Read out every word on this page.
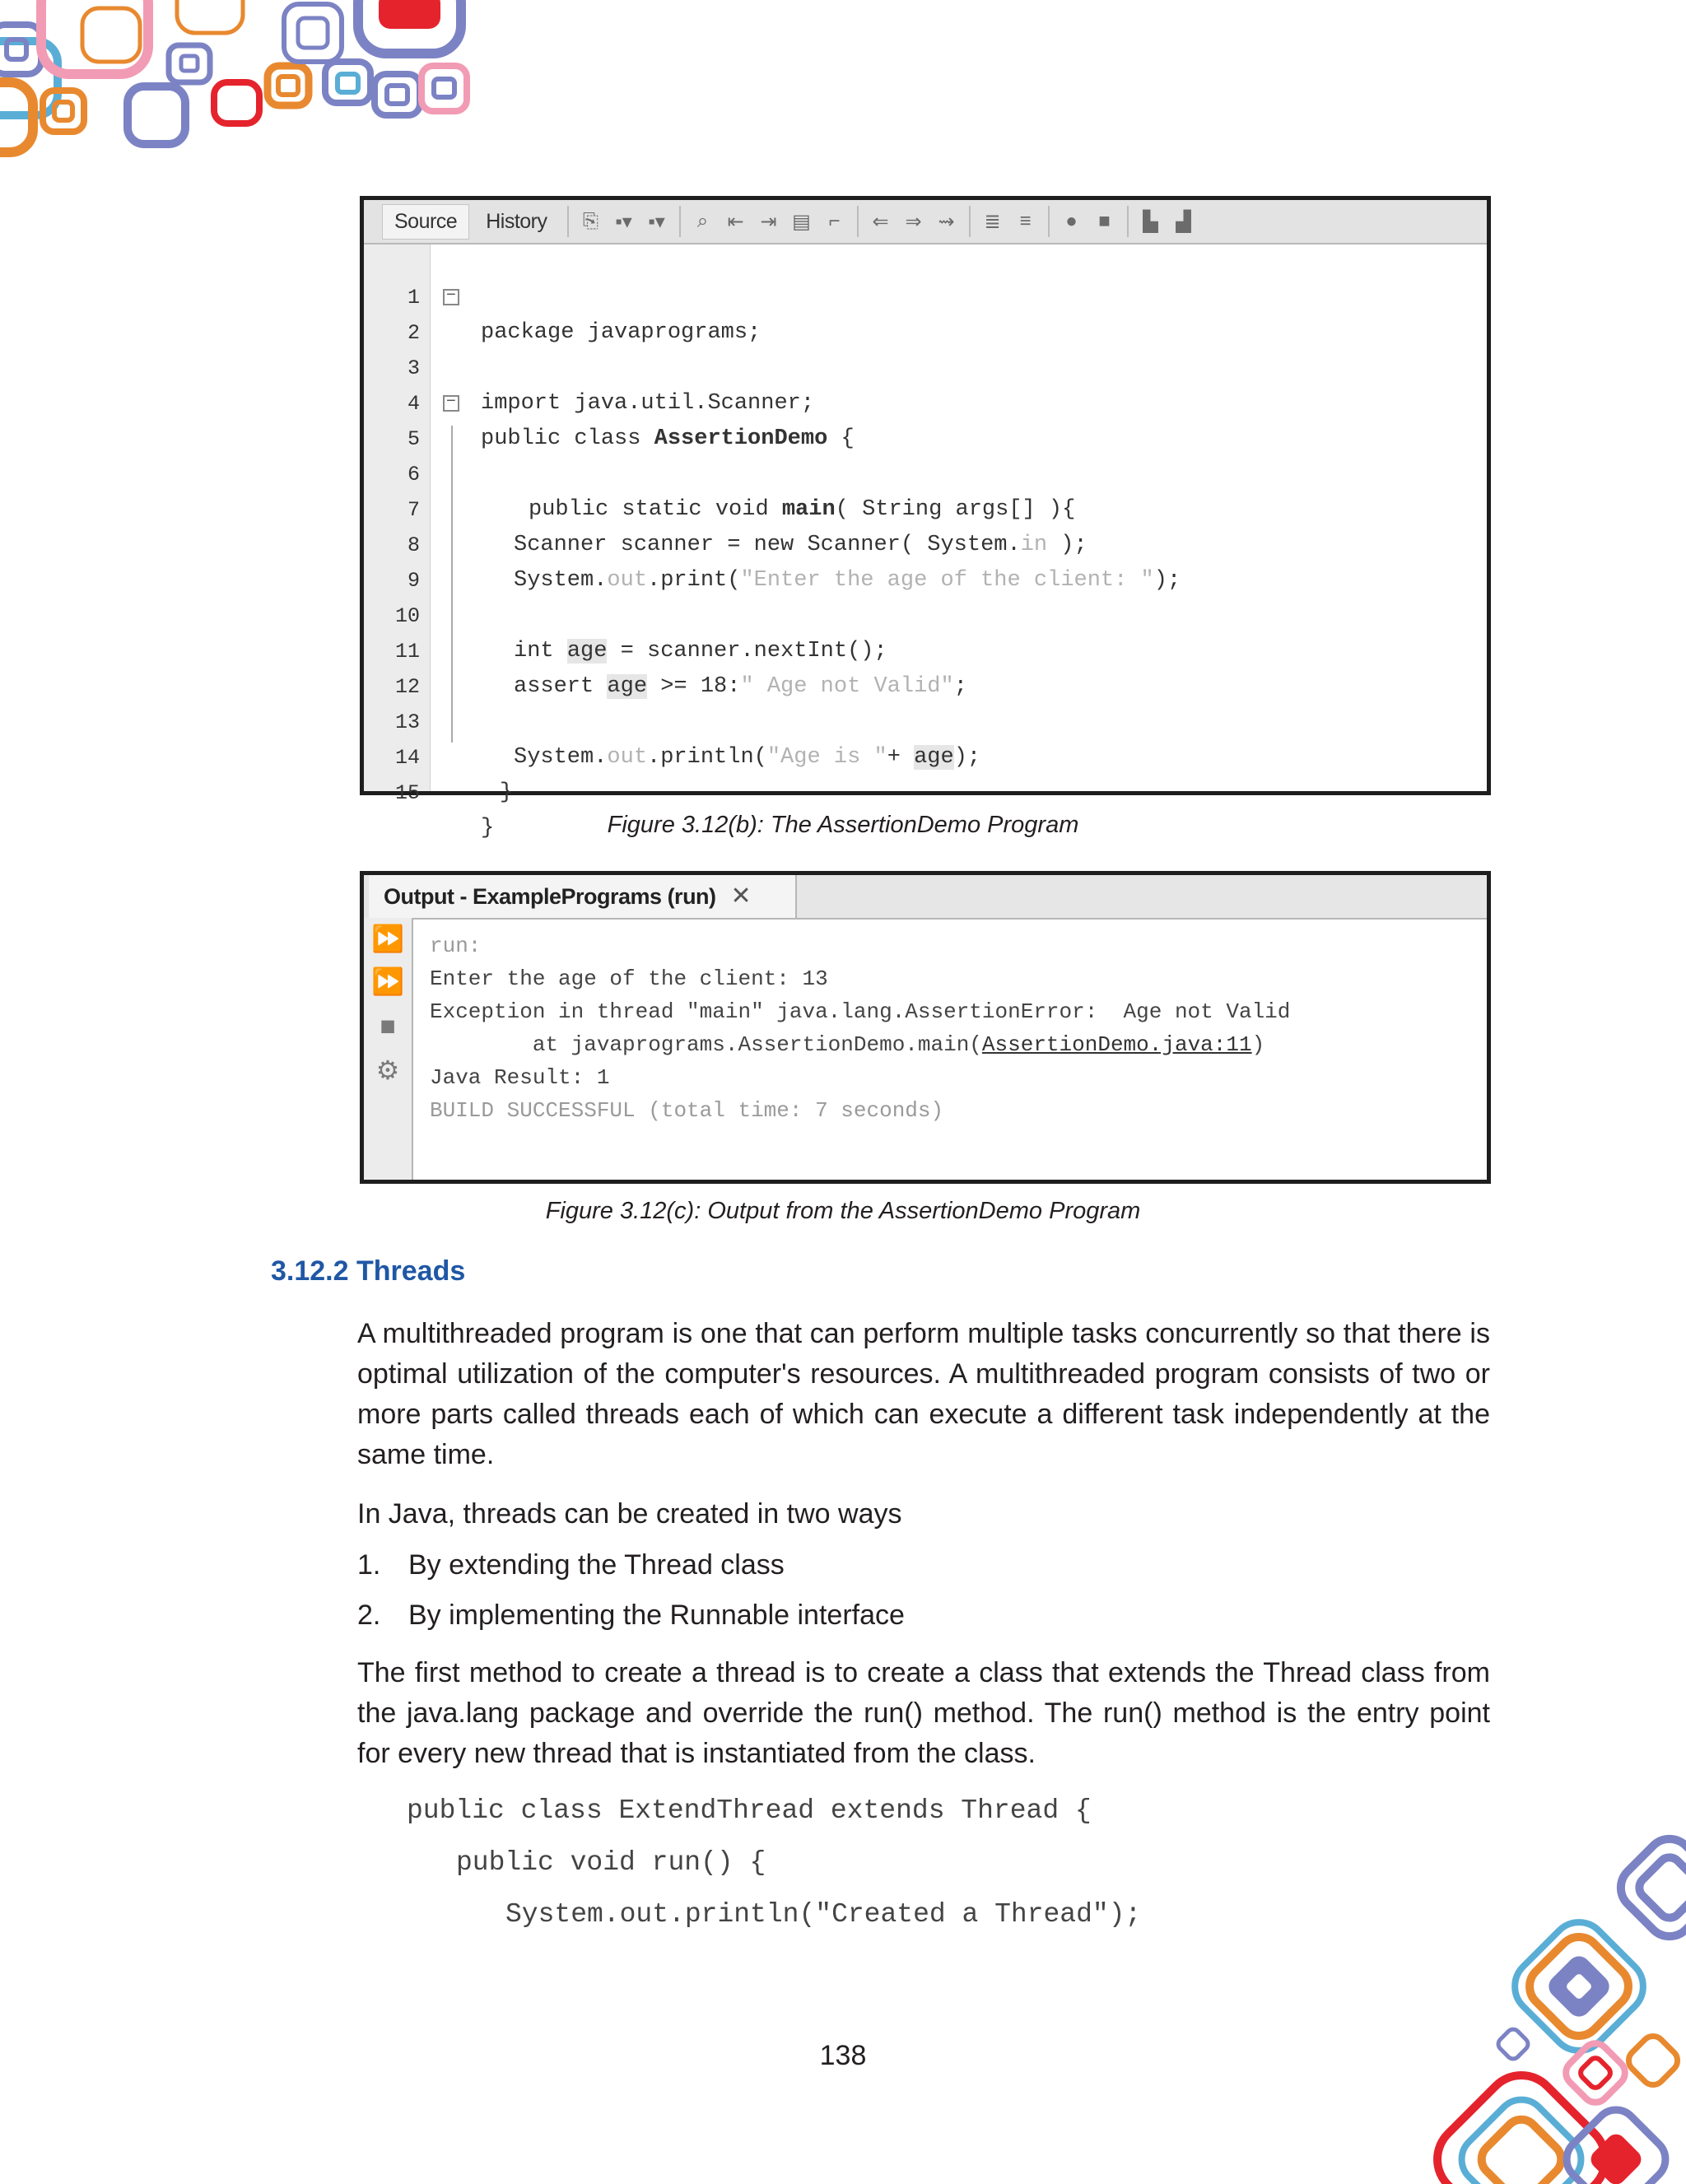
Source	History	⎘ ▪▾ ▪▾	⌕ ⇤ ⇥ ▤ ⌐	⇐ ⇒ ⇝ ≣ ≡	●	■	▙ ▟

1

package javaprograms;

2

−

import java.util.Scanner;

3

4

public class AssertionDemo {

5

−

public static void main( String args[] ){

6

7

Scanner scanner = new Scanner( System.in );

8

System.out.print("Enter the age of the client: ");

9

10

int age = scanner.nextInt();

11

assert age >= 18:" Age not Valid";

12

13

System.out.println("Age is "+ age);

14

}

15

}

	Figure 3.12(b): The AssertionDemo Program
Output - ExamplePrograms (run) ✕
⏩
⏩
■
⚙
run:
Enter the age of the client: 13
Exception in thread "main" java.lang.AssertionError:  Age not Valid
at javaprograms.AssertionDemo.main(AssertionDemo.java:11)
Java Result: 1
BUILD SUCCESSFUL (total time: 7 seconds)
Figure 3.12(c): Output from the AssertionDemo Program
3.12.2 Threads

A multithreaded program is one that can perform multiple tasks concurrently so that there is optimal utilization of the computer's resources. A multithreaded program consists of two or more parts called threads each of which can execute a different task independently at the same time.

In Java, threads can be created in two ways

1. By extending the Thread class
2. By implementing the Runnable interface

The first method to create a thread is to create a class that extends the Thread class from the java.lang package and override the run() method. The run() method is the entry point for every new thread that is instantiated from the class.

public class ExtendThread extends Thread {
public void run() {
System.out.println("Created a Thread");
138
